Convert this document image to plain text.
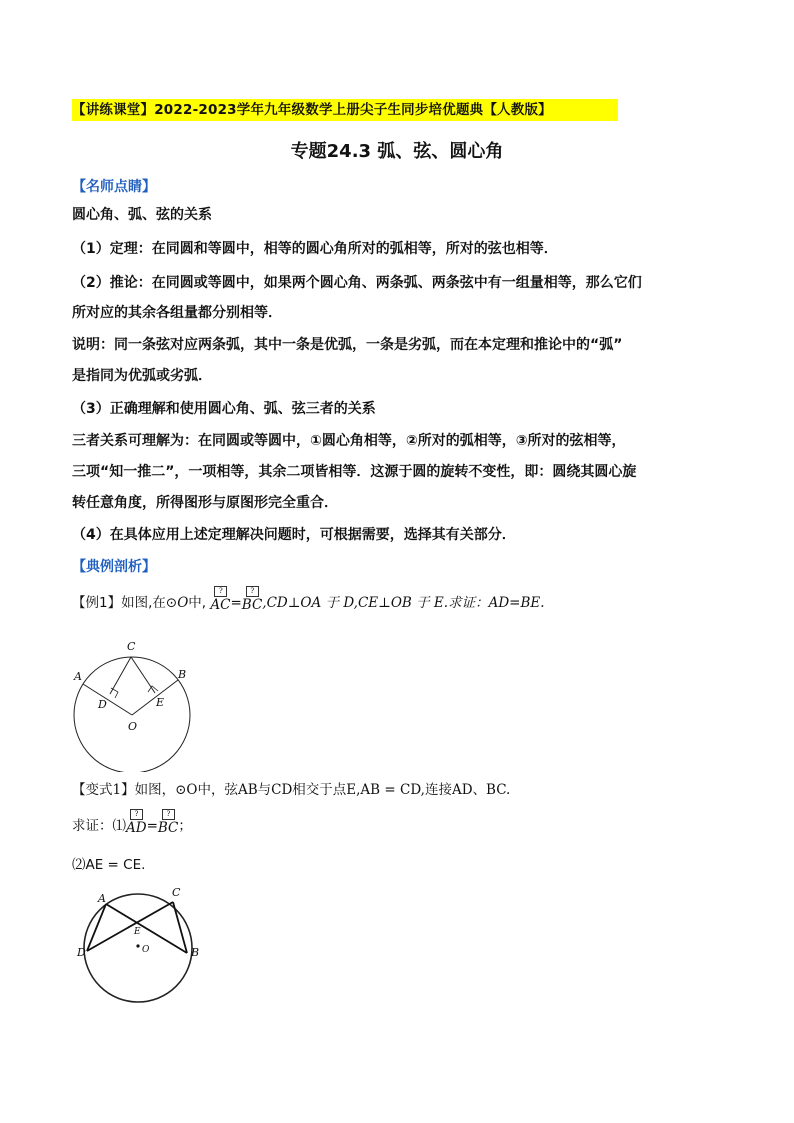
【讲练课堂】2022-2023学年九年级数学上册尖子生同步培优题典【人教版】
专题24.3 弧、弦、圆心角
【名师点睛】
圆心角、弧、弦的关系
（1）定理：在同圆和等圆中，相等的圆心角所对的弧相等，所对的弦也相等．
（2）推论：在同圆或等圆中，如果两个圆心角、两条弧、两条弦中有一组量相等，那么它们
所对应的其余各组量都分别相等．
说明：同一条弦对应两条弧，其中一条是优弧，一条是劣弧，而在本定理和推论中的“弧”
是指同为优弧或劣弧．
（3）正确理解和使用圆心角、弧、弦三者的关系
三者关系可理解为：在同圆或等圆中，①圆心角相等，②所对的弧相等，③所对的弦相等，
三项“知一推二”，一项相等，其余二项皆相等．这源于圆的旋转不变性，即：圆绕其圆心旋
转任意角度，所得图形与原图形完全重合．
（4）在具体应用上述定理解决问题时，可根据需要，选择其有关部分．
【典例剖析】
【例1】如图,在⊙O中, $\frac{?}{AC}=$ $\frac{?}{BC},CD\perp OA$ 于 D,CE⊥OB 于 E.求证：AD=BE.
C
A	B
D	E
O
【变式1】如图，⊙O中，弦AB与CD相交于点E,AB = CD,连接AD、BC.
求证：⑴ $\frac{?}{AD}= \frac{?}{BC}$；
⑵AE = CE.
A	C
D	B
E
O
